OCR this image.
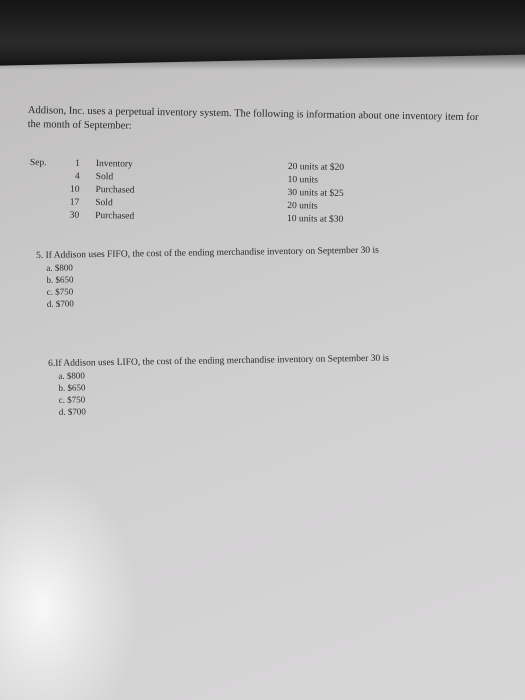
Addison, Inc. uses a perpetual inventory system. The following is information about one inventory item for the month of September:
Sep.	1 Inventory	20 units at $20
4 Sold	10 units
10 Purchased	30 units at $25
17 Sold	20 units
30 Purchased	10 units at $30
5. If Addison uses FIFO, the cost of the ending merchandise inventory on September 30 is
a. $800
b. $650
c. $750
d. $700
6.If Addison uses LIFO, the cost of the ending merchandise inventory on September 30 is
a. $800
b. $650
c. $750
d. $700
